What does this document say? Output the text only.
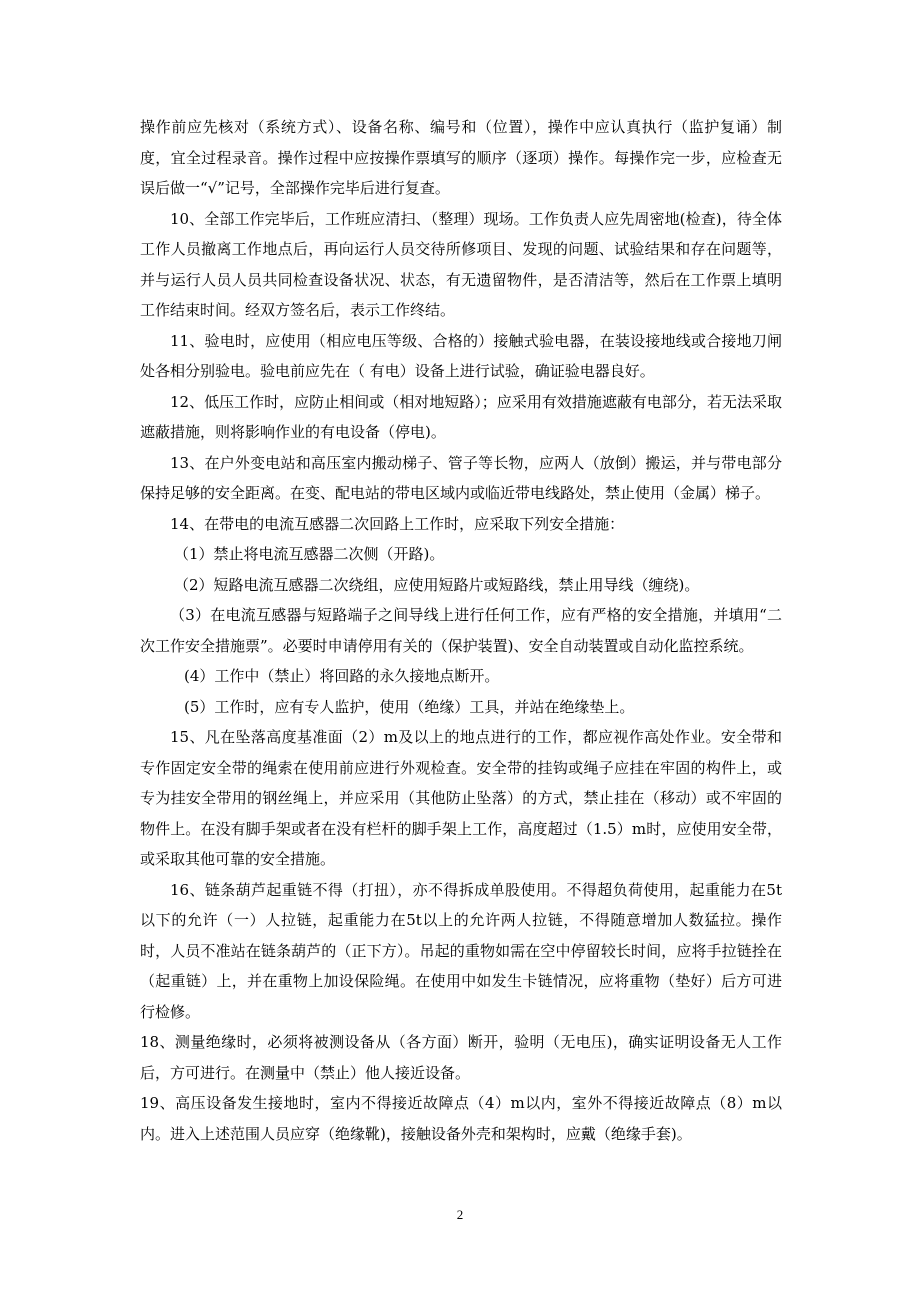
操作前应先核对（系统方式）、设备名称、编号和（位置），操作中应认真执行（监护复诵）制度，宜全过程录音。操作过程中应按操作票填写的顺序（逐项）操作。每操作完一步，应检查无误后做一“√”记号，全部操作完毕后进行复查。

10、全部工作完毕后，工作班应清扫、（整理）现场。工作负责人应先周密地(检查)，待全体工作人员撤离工作地点后，再向运行人员交待所修项目、发现的问题、试验结果和存在问题等，并与运行人员人员共同检查设备状况、状态，有无遗留物件，是否清洁等，然后在工作票上填明工作结束时间。经双方签名后，表示工作终结。

11、验电时，应使用（相应电压等级、合格的）接触式验电器，在装设接地线或合接地刀闸处各相分别验电。验电前应先在（ 有电）设备上进行试验，确证验电器良好。

12、低压工作时，应防止相间或（相对地短路）；应采用有效措施遮蔽有电部分，若无法采取遮蔽措施，则将影响作业的有电设备（停电)。

13、在户外变电站和高压室内搬动梯子、管子等长物，应两人（放倒）搬运，并与带电部分保持足够的安全距离。在变、配电站的带电区域内或临近带电线路处，禁止使用（金属）梯子。

14、在带电的电流互感器二次回路上工作时，应采取下列安全措施：

（1）禁止将电流互感器二次侧（开路)。

（2）短路电流互感器二次绕组，应使用短路片或短路线，禁止用导线（缠绕)。

（3）在电流互感器与短路端子之间导线上进行任何工作，应有严格的安全措施，并填用“二次工作安全措施票”。必要时申请停用有关的（保护装置)、安全自动装置或自动化监控系统。

(4）工作中（禁止）将回路的永久接地点断开。

(5）工作时，应有专人监护，使用（绝缘）工具，并站在绝缘垫上。

15、凡在坠落高度基准面（2）m及以上的地点进行的工作，都应视作高处作业。安全带和专作固定安全带的绳索在使用前应进行外观检查。安全带的挂钩或绳子应挂在牢固的构件上，或专为挂安全带用的钢丝绳上，并应采用（其他防止坠落）的方式，禁止挂在（移动）或不牢固的物件上。在没有脚手架或者在没有栏杆的脚手架上工作，高度超过（1.5）m时，应使用安全带，或采取其他可靠的安全措施。

16、链条葫芦起重链不得（打扭），亦不得拆成单股使用。不得超负荷使用，起重能力在5t以下的允许（一）人拉链，起重能力在5t以上的允许两人拉链，不得随意增加人数猛拉。操作时，人员不准站在链条葫芦的（正下方）。吊起的重物如需在空中停留较长时间，应将手拉链拴在（起重链）上，并在重物上加设保险绳。在使用中如发生卡链情况，应将重物（垫好）后方可进行检修。

18、测量绝缘时，必须将被测设备从（各方面）断开，验明（无电压)，确实证明设备无人工作后，方可进行。在测量中（禁止）他人接近设备。

19、高压设备发生接地时，室内不得接近故障点（4）m以内，室外不得接近故障点（8）m以内。进入上述范围人员应穿（绝缘靴)，接触设备外壳和架构时，应戴（绝缘手套)。

2
